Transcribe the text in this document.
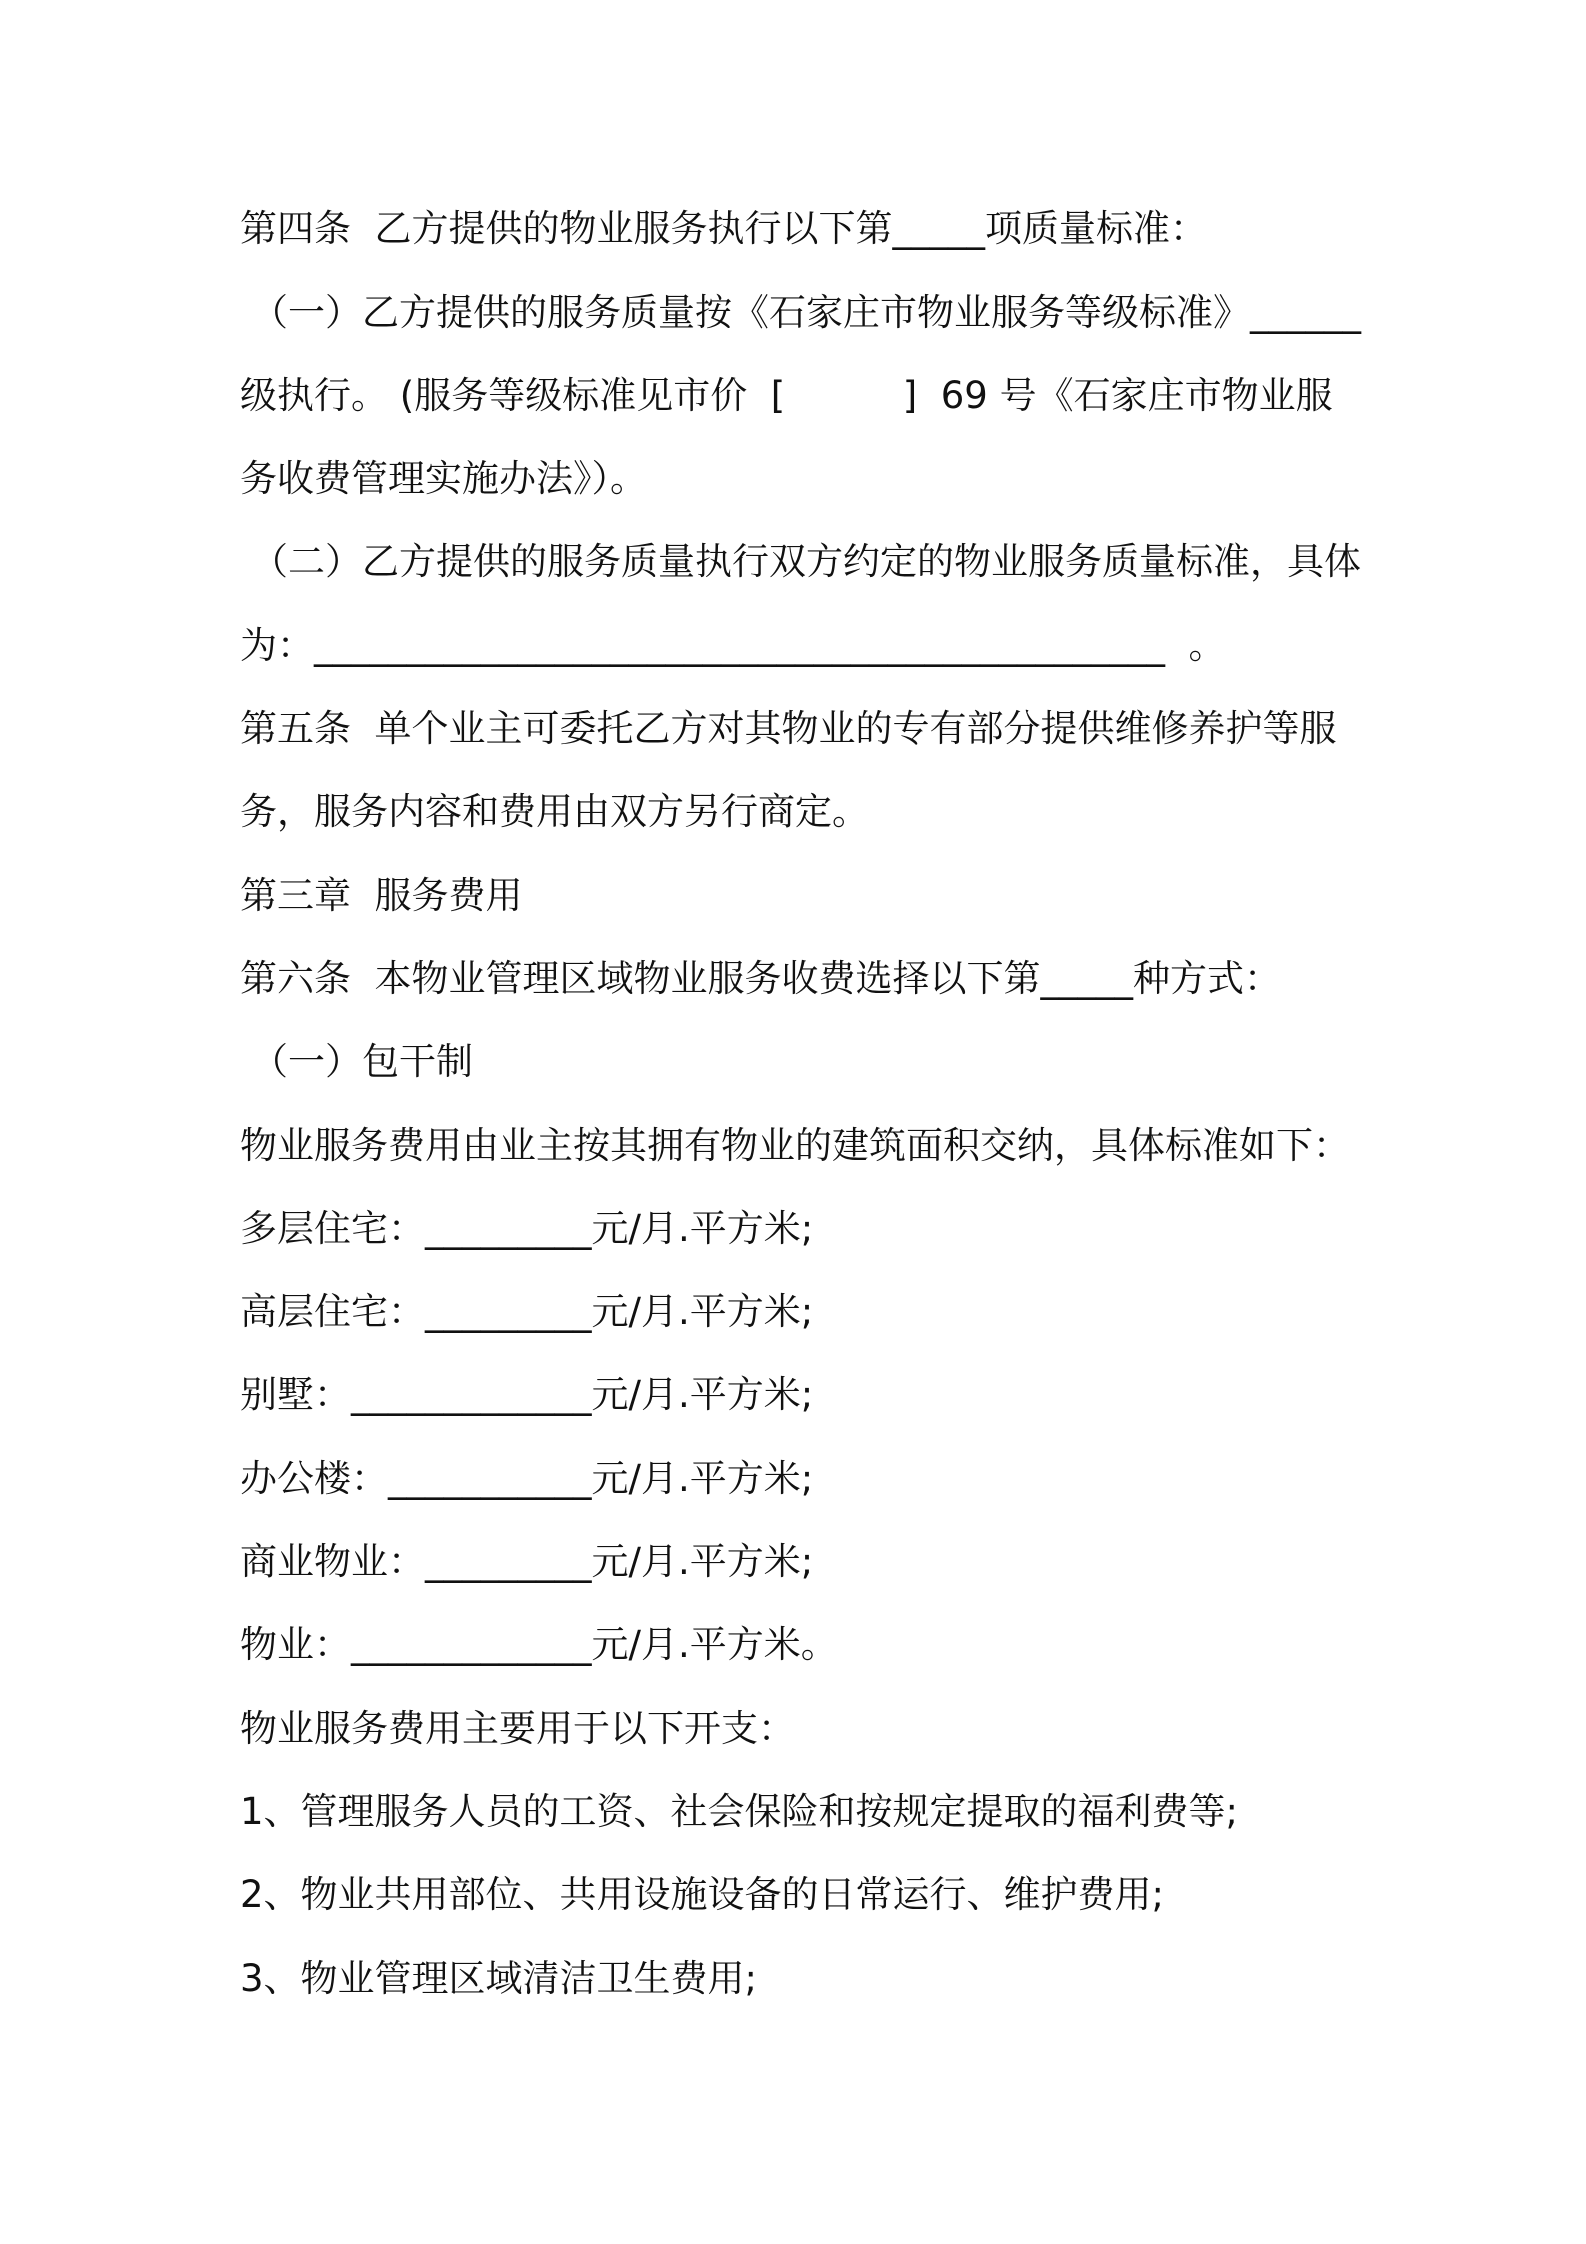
第四条  乙方提供的物业服务执行以下第_____项质量标准：

（一）乙方提供的服务质量按《石家庄市物业服务等级标准》______

级执行。 (服务等级标准见市价  [          ]  69 号《石家庄市物业服

务收费管理实施办法》）。

（二）乙方提供的服务质量执行双方约定的物业服务质量标准，具体

为：______________________________________________  。

第五条  单个业主可委托乙方对其物业的专有部分提供维修养护等服

务，服务内容和费用由双方另行商定。

第三章  服务费用

第六条  本物业管理区域物业服务收费选择以下第_____种方式：

（一）包干制

物业服务费用由业主按其拥有物业的建筑面积交纳，具体标准如下：

多层住宅：_________元/月.平方米;

高层住宅：_________元/月.平方米;

别墅：_____________元/月.平方米;

办公楼：___________元/月.平方米;

商业物业：_________元/月.平方米;

物业：_____________元/月.平方米。

物业服务费用主要用于以下开支：

1、管理服务人员的工资、社会保险和按规定提取的福利费等;

2、物业共用部位、共用设施设备的日常运行、维护费用;

3、物业管理区域清洁卫生费用;
